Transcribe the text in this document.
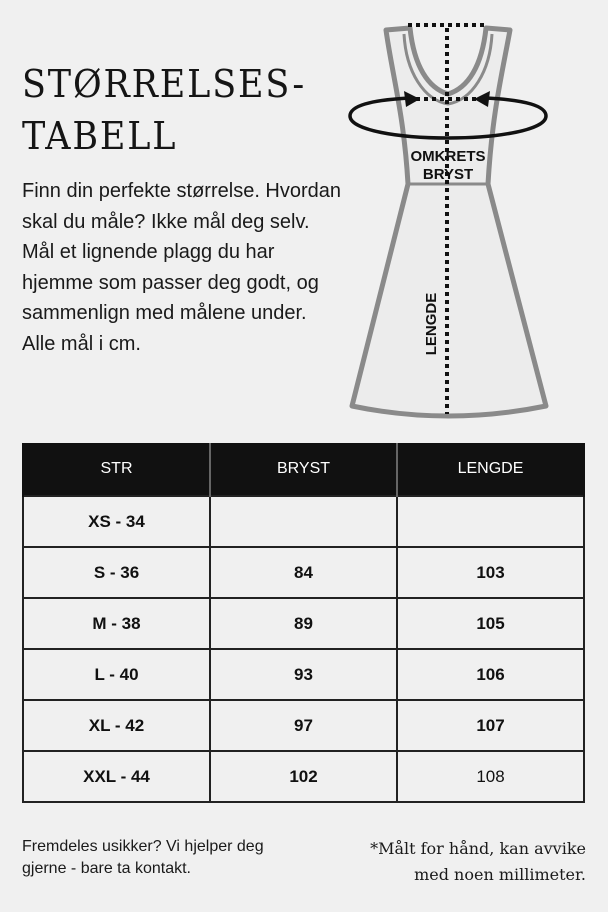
STØRRELSES-
TABELL

Finn din perfekte størrelse. Hvordan skal du måle? Ikke mål deg selv. Mål et lignende plagg du har hjemme som passer deg godt, og sammenlign med målene under. Alle mål i cm.

OMKRETS
BRYST
LENGDE
STR	BRYST	LENGDE
XS - 34		
S - 36	84	103
M - 38	89	105
L - 40	93	106
XL - 42	97	107
XXL - 44	102	108

Fremdeles usikker? Vi hjelper deg gjerne - bare ta kontakt.

*Målt for hånd, kan avvike
med noen millimeter.
